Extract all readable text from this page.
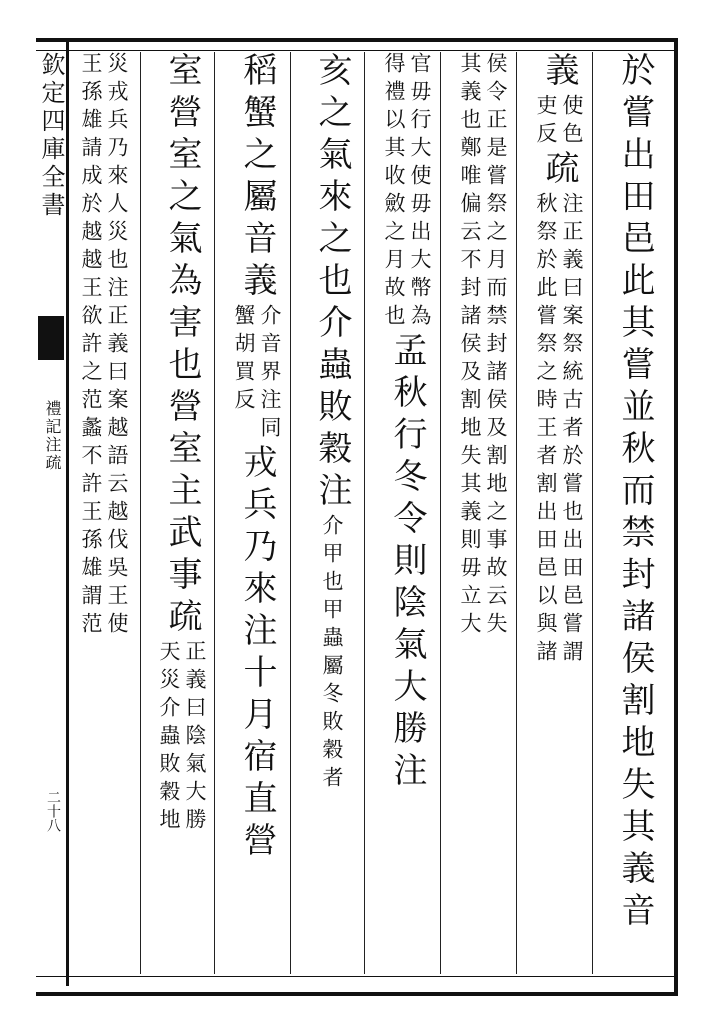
欽定四庫全書
禮記注疏
二十八	於嘗出田邑此其嘗並秋而禁封諸侯割地失其義音
義
使色
吏反
疏
注正義曰案祭統古者於嘗也出田邑嘗謂
秋祭於此嘗祭之時王者割出田邑以與諸
侯令正是嘗祭之月而禁封諸侯及割地之事故云失
其義也鄭唯偏云不封諸侯及割地失其義則毋立大
官毋行大使毋出大幣為
得禮以其收斂之月故也
孟秋行冬令則陰氣大勝注
亥之氣來之也介蟲敗穀注
介甲也甲蟲屬冬敗穀者
稻蟹之屬音義
介音界注同
蟹胡買反
戎兵乃來注十月宿直營
室營室之氣為害也營室主武事疏
正義曰陰氣大勝
天災介蟲敗穀地
災戎兵乃來人災也注正義曰案越語云越伐吳王使
王孫雄請成於越越王欲許之范蠡不許王孫雄謂范
